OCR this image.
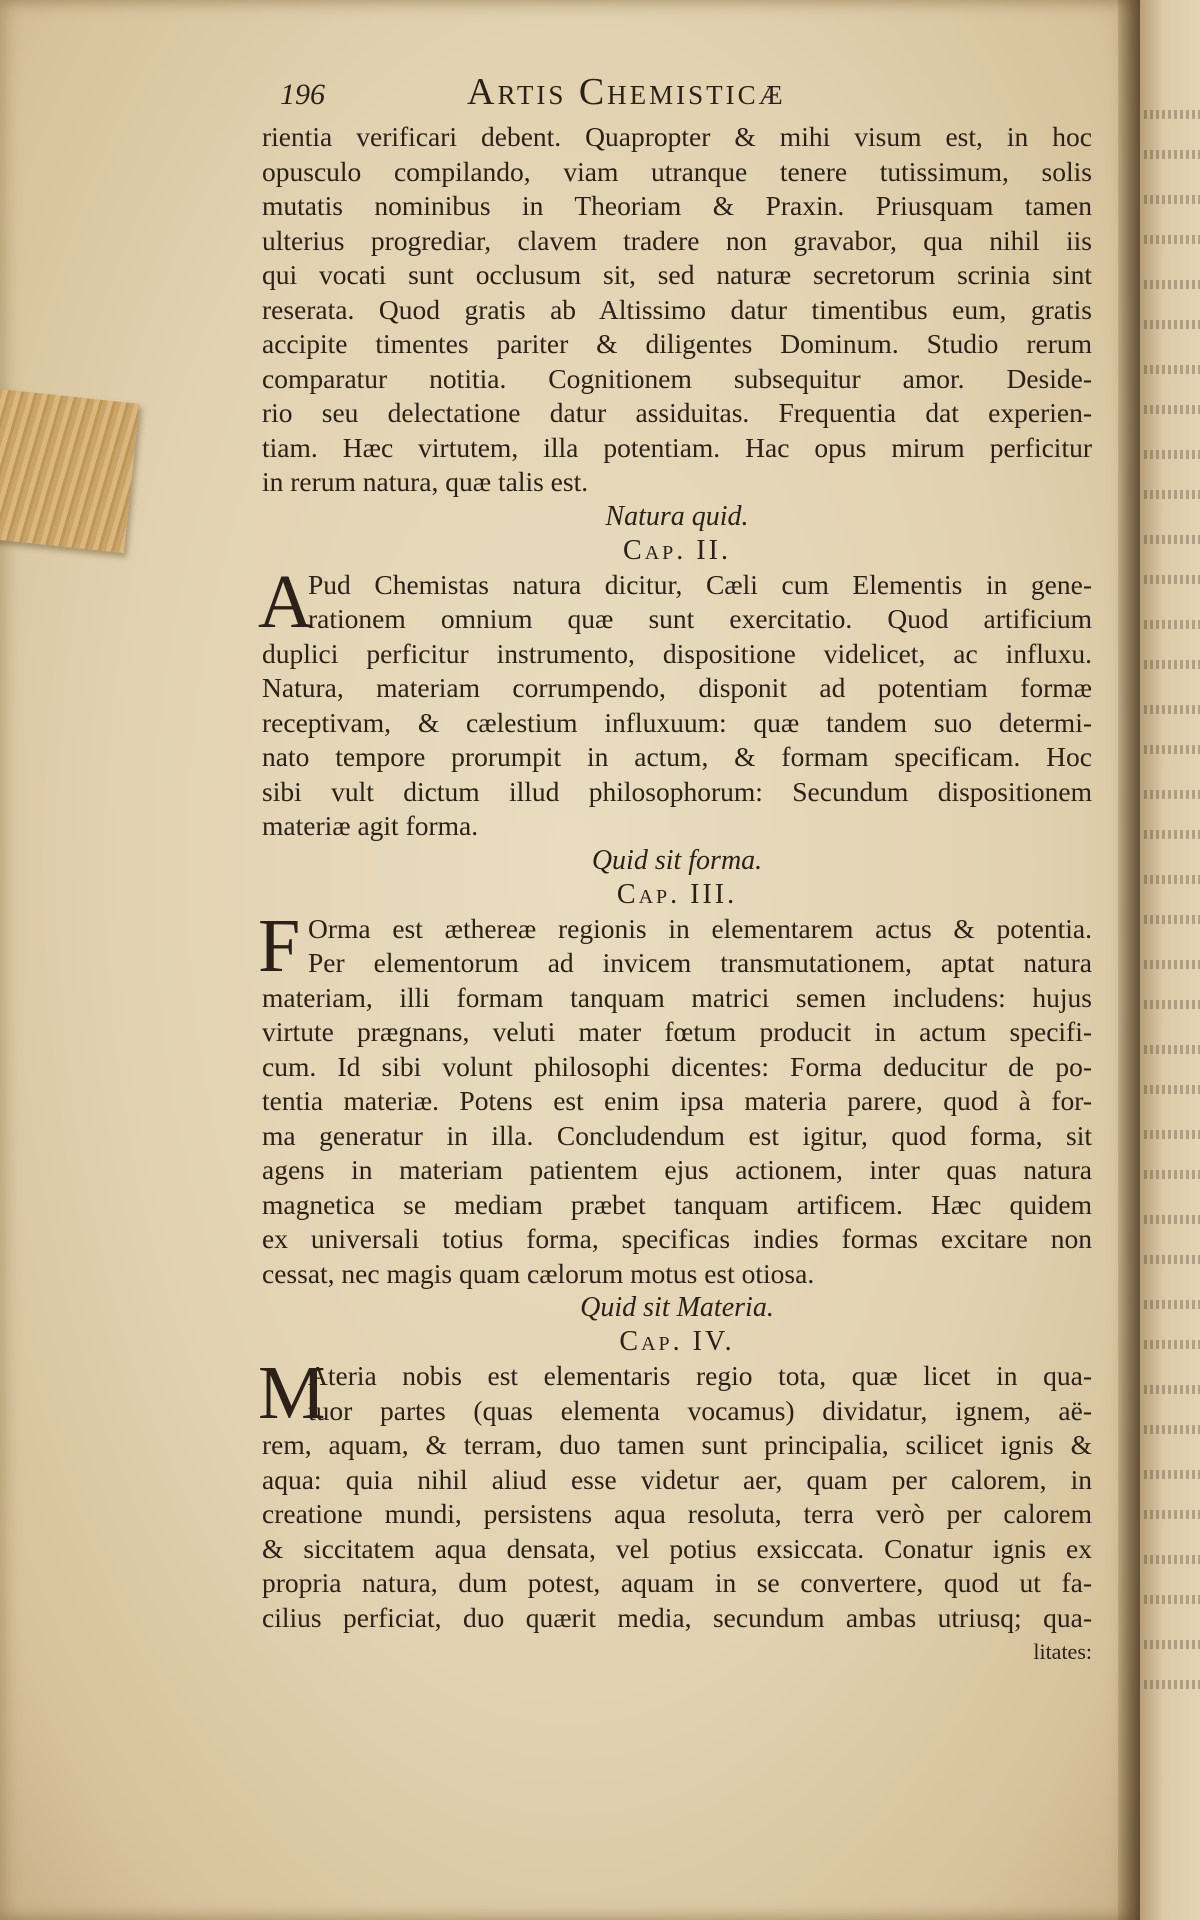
196	Artis Chemisticæ
rientia verificari debent. Quapropter & mihi visum est, in hoc
opusculo compilando, viam utranque tenere tutissimum, solis
mutatis nominibus in Theoriam & Praxin. Priusquam tamen
ulterius progrediar, clavem tradere non gravabor, qua nihil iis
qui vocati sunt occlusum sit, sed naturæ secretorum scrinia sint
reserata. Quod gratis ab Altissimo datur timentibus eum, gratis
accipite timentes pariter & diligentes Dominum. Studio rerum
comparatur notitia. Cognitionem subsequitur amor. Deside-
rio seu delectatione datur assiduitas. Frequentia dat experien-
tiam. Hæc virtutem, illa potentiam. Hac opus mirum perficitur
in rerum natura, quæ talis est.
Natura quid.
Cap. II.
A
Pud Chemistas natura dicitur, Cæli cum Elementis in gene-
rationem omnium quæ sunt exercitatio. Quod artificium
duplici perficitur instrumento, dispositione videlicet, ac influxu.
Natura, materiam corrumpendo, disponit ad potentiam formæ
receptivam, & cælestium influxuum: quæ tandem suo determi-
nato tempore prorumpit in actum, & formam specificam. Hoc
sibi vult dictum illud philosophorum: Secundum dispositionem
materiæ agit forma.
Quid sit forma.
Cap. III.
F Orma est æthereæ regionis in elementarem actus & potentia.
Per elementorum ad invicem transmutationem, aptat natura
materiam, illi formam tanquam matrici semen includens: hujus
virtute prægnans, veluti mater fœtum producit in actum specifi-
cum. Id sibi volunt philosophi dicentes: Forma deducitur de po-
tentia materiæ. Potens est enim ipsa materia parere, quod à for-
ma generatur in illa. Concludendum est igitur, quod forma, sit
agens in materiam patientem ejus actionem, inter quas natura
magnetica se mediam præbet tanquam artificem. Hæc quidem
ex universali totius forma, specificas indies formas excitare non
cessat, nec magis quam cælorum motus est otiosa.
Quid sit Materia.
Cap. IV.
M
Ateria nobis est elementaris regio tota, quæ licet in qua-
tuor partes (quas elementa vocamus) dividatur, ignem, aë-
rem, aquam, & terram, duo tamen sunt principalia, scilicet ignis &
aqua: quia nihil aliud esse videtur aer, quam per calorem, in
creatione mundi, persistens aqua resoluta, terra verò per calorem
& siccitatem aqua densata, vel potius exsiccata. Conatur ignis ex
propria natura, dum potest, aquam in se convertere, quod ut fa-
cilius perficiat, duo quærit media, secundum ambas utriusq; qua-
litates:
